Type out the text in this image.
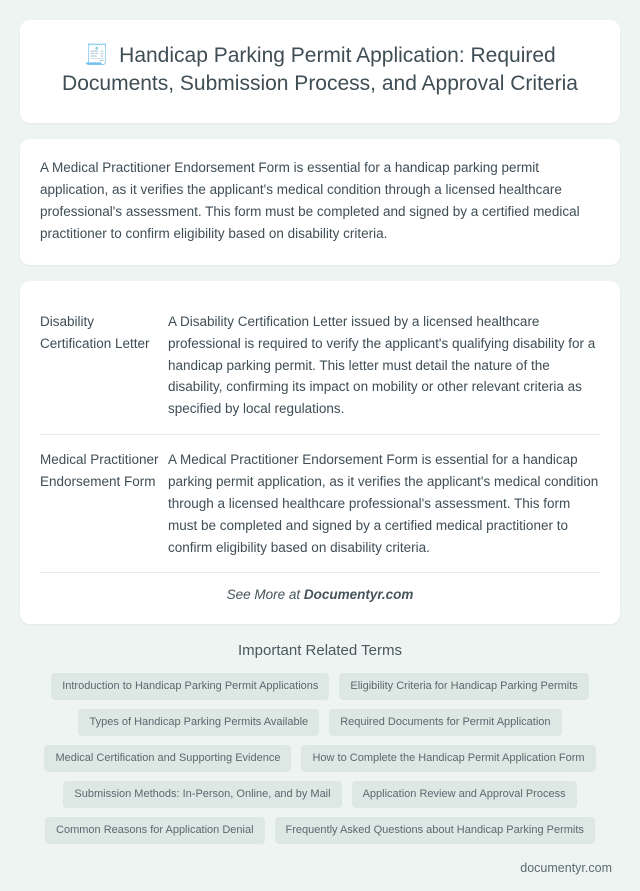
🧾 Handicap Parking Permit Application: Required Documents, Submission Process, and Approval Criteria

A Medical Practitioner Endorsement Form is essential for a handicap parking permit application, as it verifies the applicant's medical condition through a licensed healthcare professional's assessment. This form must be completed and signed by a certified medical practitioner to confirm eligibility based on disability criteria.

Disability Certification Letter	A Disability Certification Letter issued by a licensed healthcare professional is required to verify the applicant's qualifying disability for a handicap parking permit. This letter must detail the nature of the disability, confirming its impact on mobility or other relevant criteria as specified by local regulations.
Medical Practitioner Endorsement Form	A Medical Practitioner Endorsement Form is essential for a handicap parking permit application, as it verifies the applicant's medical condition through a licensed healthcare professional's assessment. This form must be completed and signed by a certified medical practitioner to confirm eligibility based on disability criteria.
See More at Documentyr.com
Important Related Terms
Introduction to Handicap Parking Permit Applications	Eligibility Criteria for Handicap Parking Permits
Types of Handicap Parking Permits Available	Required Documents for Permit Application
Medical Certification and Supporting Evidence	How to Complete the Handicap Permit Application Form
Submission Methods: In-Person, Online, and by Mail	Application Review and Approval Process
Common Reasons for Application Denial	Frequently Asked Questions about Handicap Parking Permits
documentyr.com
